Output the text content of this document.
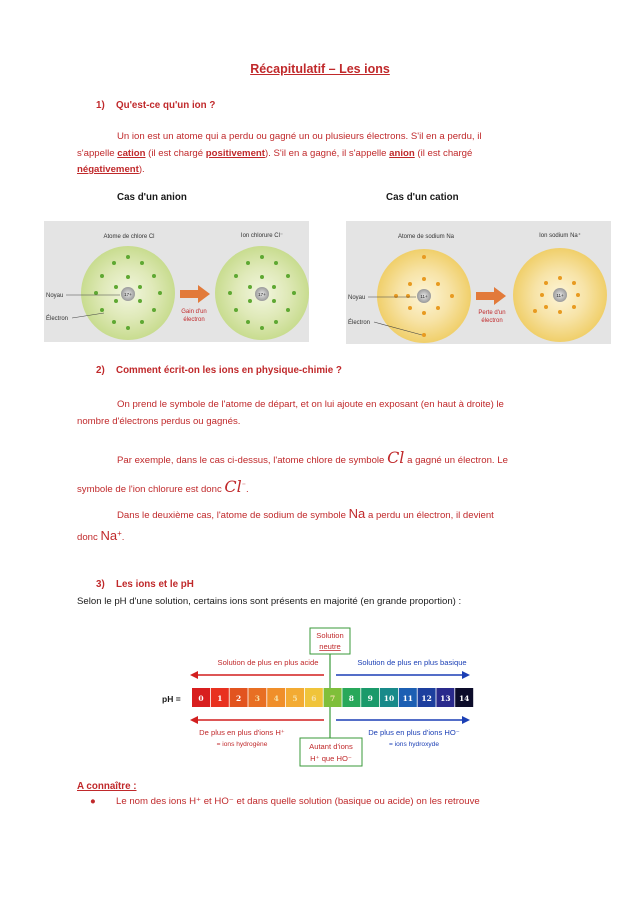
Récapitulatif – Les ions
1) Qu'est-ce qu'un ion ?
Un ion est un atome qui a perdu ou gagné un ou plusieurs électrons. S'il en a perdu, il
s'appelle cation (il est chargé positivement). S'il en a gagné, il s'appelle anion (il est chargé
négativement).
Cas d'un anion	Cas d'un cation
Atome de chlore Cl	Ion chlorure Cl⁻
17+	17+
Noyau
Électron
Gain d'un
électron
Atome de sodium Na	Ion sodium Na⁺
11+	11+
Noyau
Électron
Perte d'un
électron
2) Comment écrit-on les ions en physique-chimie ?
On prend le symbole de l'atome de départ, et on lui ajoute en exposant (en haut à droite) le
nombre d'électrons perdus ou gagnés.
Par exemple, dans le cas ci-dessus, l'atome chlore de symbole Cl a gagné un électron. Le
symbole de l'ion chlorure est donc Cl⁻.
Dans le deuxième cas, l'atome de sodium de symbole Na a perdu un électron, il devient
donc Na+.
3) Les ions et le pH
Selon le pH d'une solution, certains ions sont présents en majorité (en grande proportion) :
Solution
neutre
Solution de plus en plus acide	Solution de plus en plus basique
pH = 0 1 2 3 4 5 6 7 8 9 10 11 12 13 14
De plus en plus d'ions H⁺
= ions hydrogène
De plus en plus d'ions HO⁻
= ions hydroxyde
Autant d'ions
H⁺ que HO⁻
A connaître :
● Le nom des ions H⁺ et HO⁻ et dans quelle solution (basique ou acide) on les retrouve
